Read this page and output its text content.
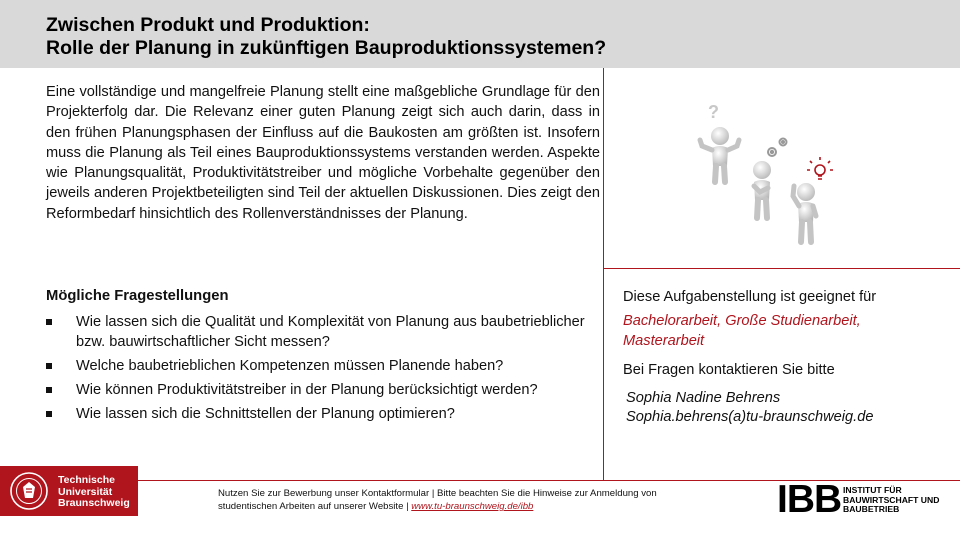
Zwischen Produkt und Produktion:
Rolle der Planung in zukünftigen Bauproduktionssystemen?

Eine vollständige und mangelfreie Planung stellt eine maßgebliche Grundlage für den Projekterfolg dar. Die Relevanz einer guten Planung zeigt sich auch darin, dass in den frühen Planungsphasen der Einfluss auf die Baukosten am größten ist. Insofern muss die Planung als Teil eines Bauproduktionssystems verstanden werden. Aspekte wie Planungsqualität, Produktivitätstreiber und mögliche Vorbehalte gegenüber den jeweils anderen Projektbeteiligten sind Teil der aktuellen Diskussionen. Dies zeigt den Reformbedarf hinsichtlich des Rollenverständnisses der Planung.

?
Mögliche Fragestellungen
Wie lassen sich die Qualität und Komplexität von Planung aus baubetrieblicher bzw. bauwirtschaftlicher Sicht messen?
Welche baubetrieblichen Kompetenzen müssen Planende haben?
Wie können Produktivitätstreiber in der Planung berücksichtigt werden?
Wie lassen sich die Schnittstellen der Planung optimieren?
Diese Aufgabenstellung ist geeignet für
Bachelorarbeit, Große Studienarbeit, Masterarbeit
Bei Fragen kontaktieren Sie bitte
Sophia Nadine Behrens
Sophia.behrens(a)tu-braunschweig.de
Technische
Universität
Braunschweig
Nutzen Sie zur Bewerbung unser Kontaktformular | Bitte beachten Sie die Hinweise zur Anmeldung von
studentischen Arbeiten auf unserer Website | www.tu-braunschweig.de/ibb	IBB INSTITUT FÜR
BAUWIRTSCHAFT UND
BAUBETRIEB
